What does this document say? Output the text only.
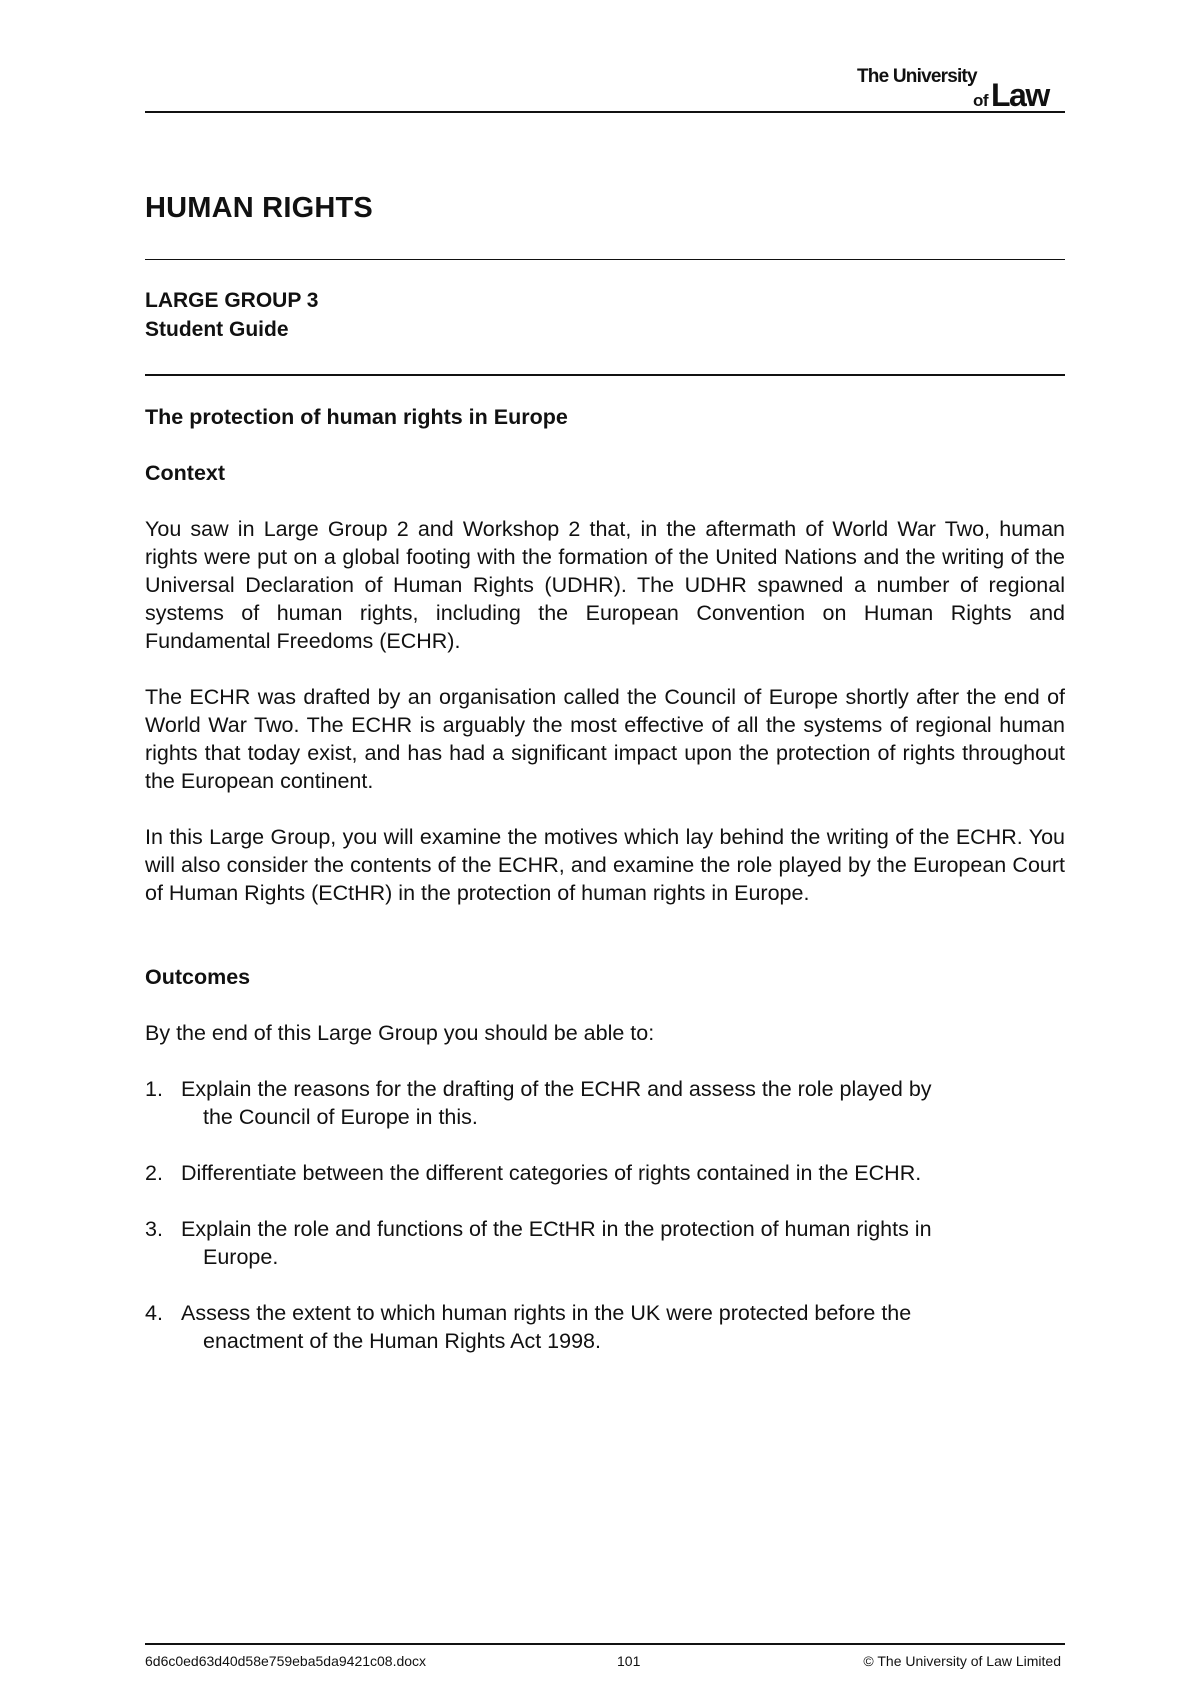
The University
of Law
HUMAN RIGHTS
LARGE GROUP 3
Student Guide
The protection of human rights in Europe
Context

You saw in Large Group 2 and Workshop 2 that, in the aftermath of World War Two, human rights were put on a global footing with the formation of the United Nations and the writing of the Universal Declaration of Human Rights (UDHR). The UDHR spawned a number of regional systems of human rights, including the European Convention on Human Rights and Fundamental Freedoms (ECHR).

The ECHR was drafted by an organisation called the Council of Europe shortly after the end of World War Two. The ECHR is arguably the most effective of all the systems of regional human rights that today exist, and has had a significant impact upon the protection of rights throughout the European continent.

In this Large Group, you will examine the motives which lay behind the writing of the ECHR. You will also consider the contents of the ECHR, and examine the role played by the European Court of Human Rights (ECtHR) in the protection of human rights in Europe.

Outcomes

By the end of this Large Group you should be able to:

1. Explain the reasons for the drafting of the ECHR and assess the role played by
the Council of Europe in this.
2. Differentiate between the different categories of rights contained in the ECHR.
3. Explain the role and functions of the ECtHR in the protection of human rights in
Europe.
4. Assess the extent to which human rights in the UK were protected before the
enactment of the Human Rights Act 1998.
6d6c0ed63d40d58e759eba5da9421c08.docx	101	© The University of Law Limited
